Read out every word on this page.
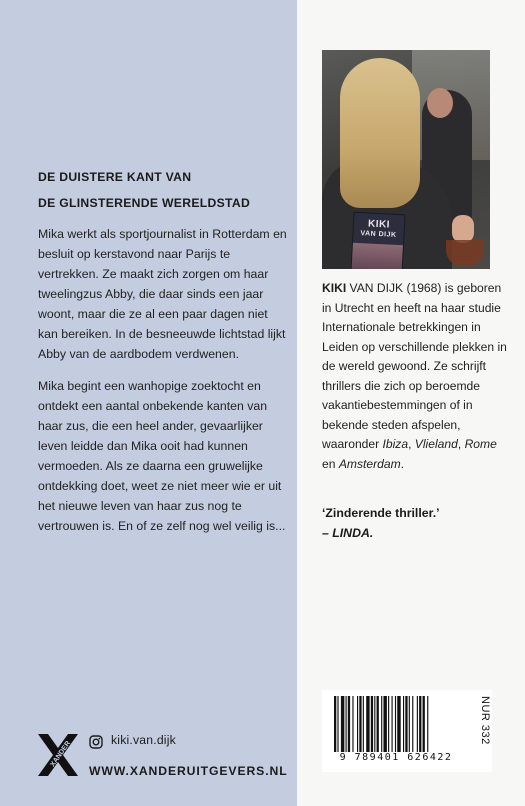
DE DUISTERE KANT VAN
DE GLINSTERENDE WERELDSTAD
Mika werkt als sportjournalist in Rotterdam en besluit op kerstavond naar Parijs te vertrekken. Ze maakt zich zorgen om haar tweelingzus Abby, die daar sinds een jaar woont, maar die ze al een paar dagen niet kan bereiken. In de besneeuwde lichtstad lijkt Abby van de aardbodem verdwenen.
Mika begint een wanhopige zoektocht en ontdekt een aantal onbekende kanten van haar zus, die een heel ander, gevaarlijker leven leidde dan Mika ooit had kunnen vermoeden. Als ze daarna een gruwelijke ontdekking doet, weet ze niet meer wie er uit het nieuwe leven van haar zus nog te vertrouwen is. En of ze zelf nog wel veilig is...
KIKI
VAN DIJK
KIKI VAN DIJK (1968) is geboren in Utrecht en heeft na haar studie Internationale betrekkingen in Leiden op verschillende plekken in de wereld gewoond. Ze schrijft thrillers die zich op beroemde vakantiebestemmingen of in bekende steden afspelen, waaronder Ibiza, Vlieland, Rome en Amsterdam.
‘Zinderende thriller.’
– LINDA.
9 789401 626422
NUR 332
XANDER
kiki.van.dijk
WWW.XANDERUITGEVERS.NL
